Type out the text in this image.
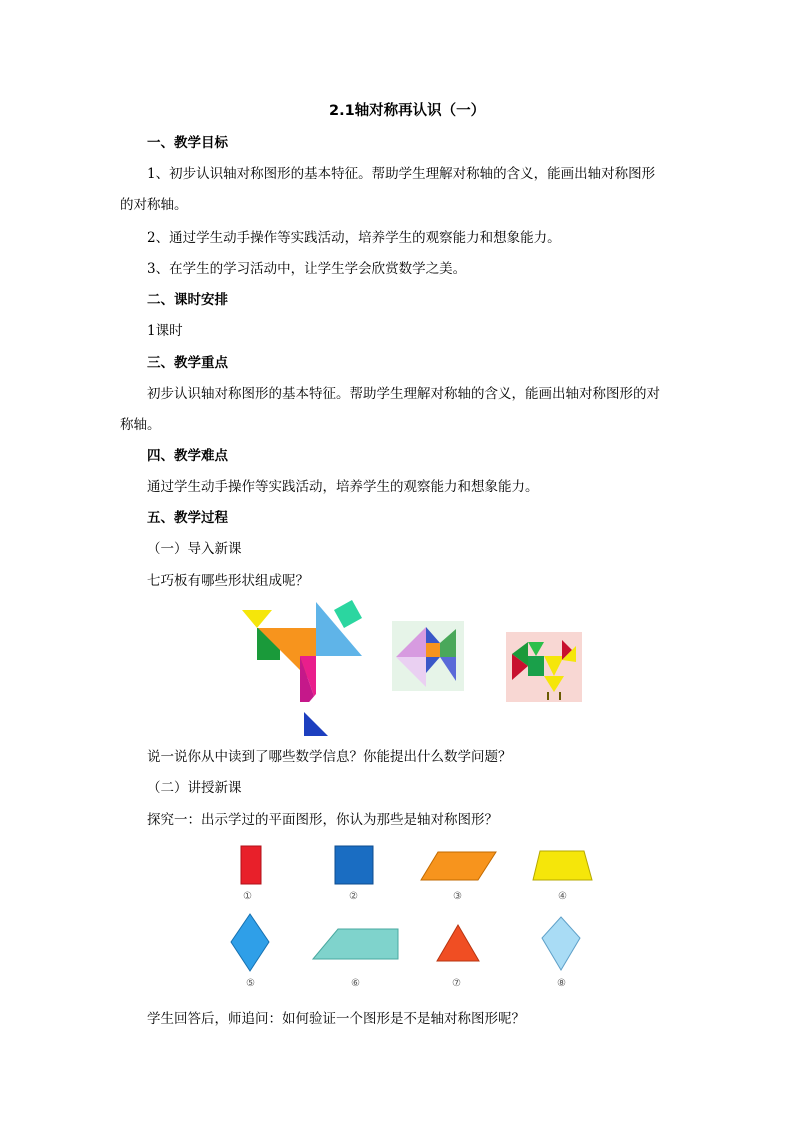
2.1轴对称再认识（一）
一、教学目标
1、初步认识轴对称图形的基本特征。帮助学生理解对称轴的含义，能画出轴对称图形
的对称轴。
2、通过学生动手操作等实践活动，培养学生的观察能力和想象能力。
3、在学生的学习活动中，让学生学会欣赏数学之美。
二、课时安排
1课时
三、教学重点
初步认识轴对称图形的基本特征。帮助学生理解对称轴的含义，能画出轴对称图形的对
称轴。
四、教学难点
通过学生动手操作等实践活动，培养学生的观察能力和想象能力。
五、教学过程
（一）导入新课
七巧板有哪些形状组成呢？
说一说你从中读到了哪些数学信息？你能提出什么数学问题？
（二）讲授新课
探究一：出示学过的平面图形，你认为那些是轴对称图形？
①	②	③	④
⑤	⑥	⑦	⑧
学生回答后，师追问：如何验证一个图形是不是轴对称图形呢？
